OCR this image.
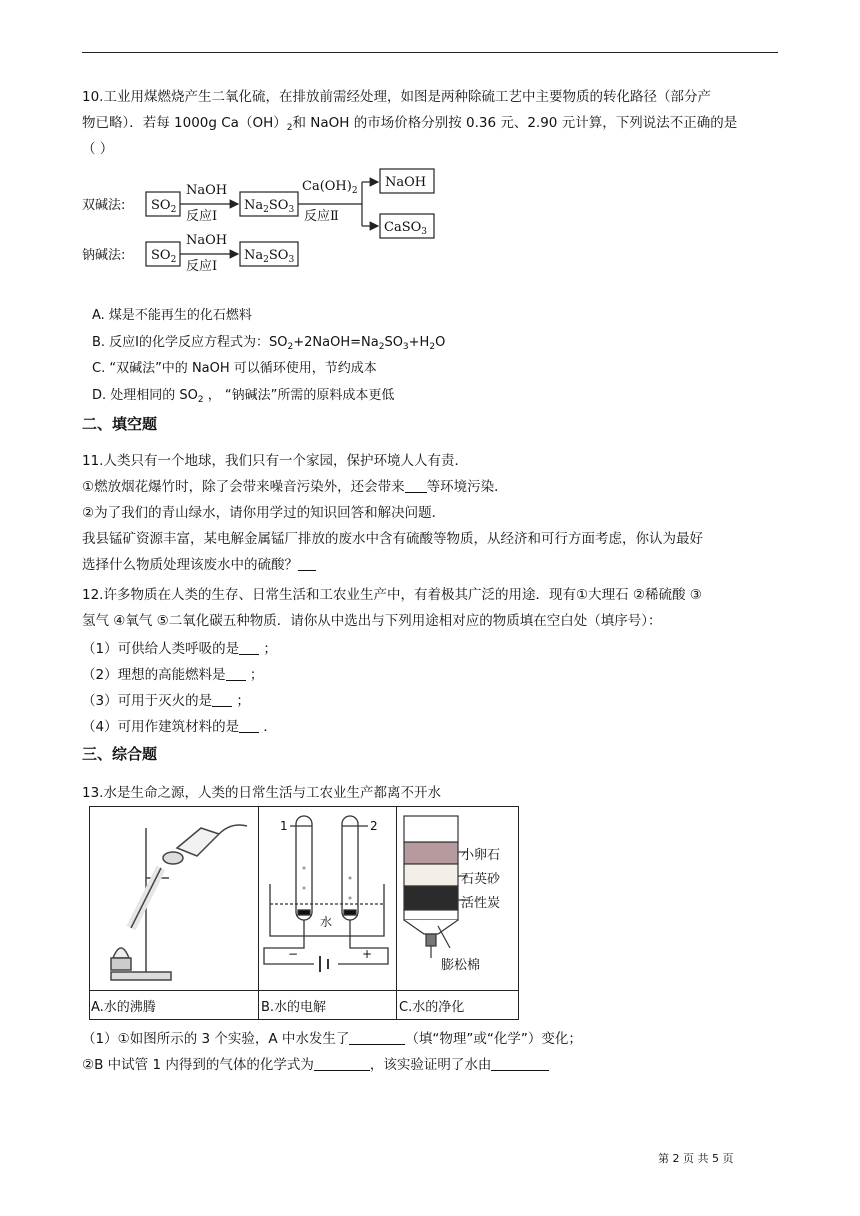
10.工业用煤燃烧产生二氧化硫，在排放前需经处理，如图是两种除硫工艺中主要物质的转化路径（部分产
物已略）．若每 1000g $Ca(OH)_2$和 NaOH 的市场价格分别按 0.36 元、2.90 元计算，下列说法不正确的是
（ ）
双碱法:
钠碱法:
$SO_2$
NaOH
反应Ⅰ
$Na_2SO_3$
$Ca(OH)_2$
反应Ⅱ
NaOH
CaSO$_3$
$SO_2$
NaOH
反应Ⅰ
$Na_2SO_3$
A. 煤是不能再生的化石燃料
B. 反应Ⅰ的化学反应方程式为：$SO_2+2NaOH=Na_2SO_3+H_2O$
C. “双碱法”中的 NaOH 可以循环使用，节约成本
D. 处理相同的 $SO_2$ ， “钠碱法”所需的原料成本更低
二、填空题
11.人类只有一个地球，我们只有一个家园，保护环境人人有责．
①燃放烟花爆竹时，除了会带来噪音污染外，还会带来 等环境污染．
②为了我们的青山绿水，请你用学过的知识回答和解决问题．
我县锰矿资源丰富，某电解金属锰厂排放的废水中含有硫酸等物质，从经济和可行方面考虑，你认为最好
选择什么物质处理该废水中的硫酸？
12.许多物质在人类的生存、日常生活和工农业生产中，有着极其广泛的用途．现有①大理石 ②稀硫酸 ③
氢气 ④氧气 ⑤二氧化碳五种物质．请你从中选出与下列用途相对应的物质填在空白处（填序号）：
（1）可供给人类呼吸的是 ；
（2）理想的高能燃料是 ；
（3）可用于灭火的是 ；
（4）可用作建筑材料的是 ．
三、综合题
13.水是生命之源，人类的日常生活与工农业生产都离不开水
1	2
水
−	+
小卵石
石英砂
活性炭
膨松棉
A.水的沸腾	B.水的电解	C.水的净化
（1）①如图所示的 3 个实验，A 中水发生了	（填“物理”或“化学”）变化；
②B 中试管 1 内得到的气体的化学式为	，该实验证明了水由
第 2 页 共 5 页
